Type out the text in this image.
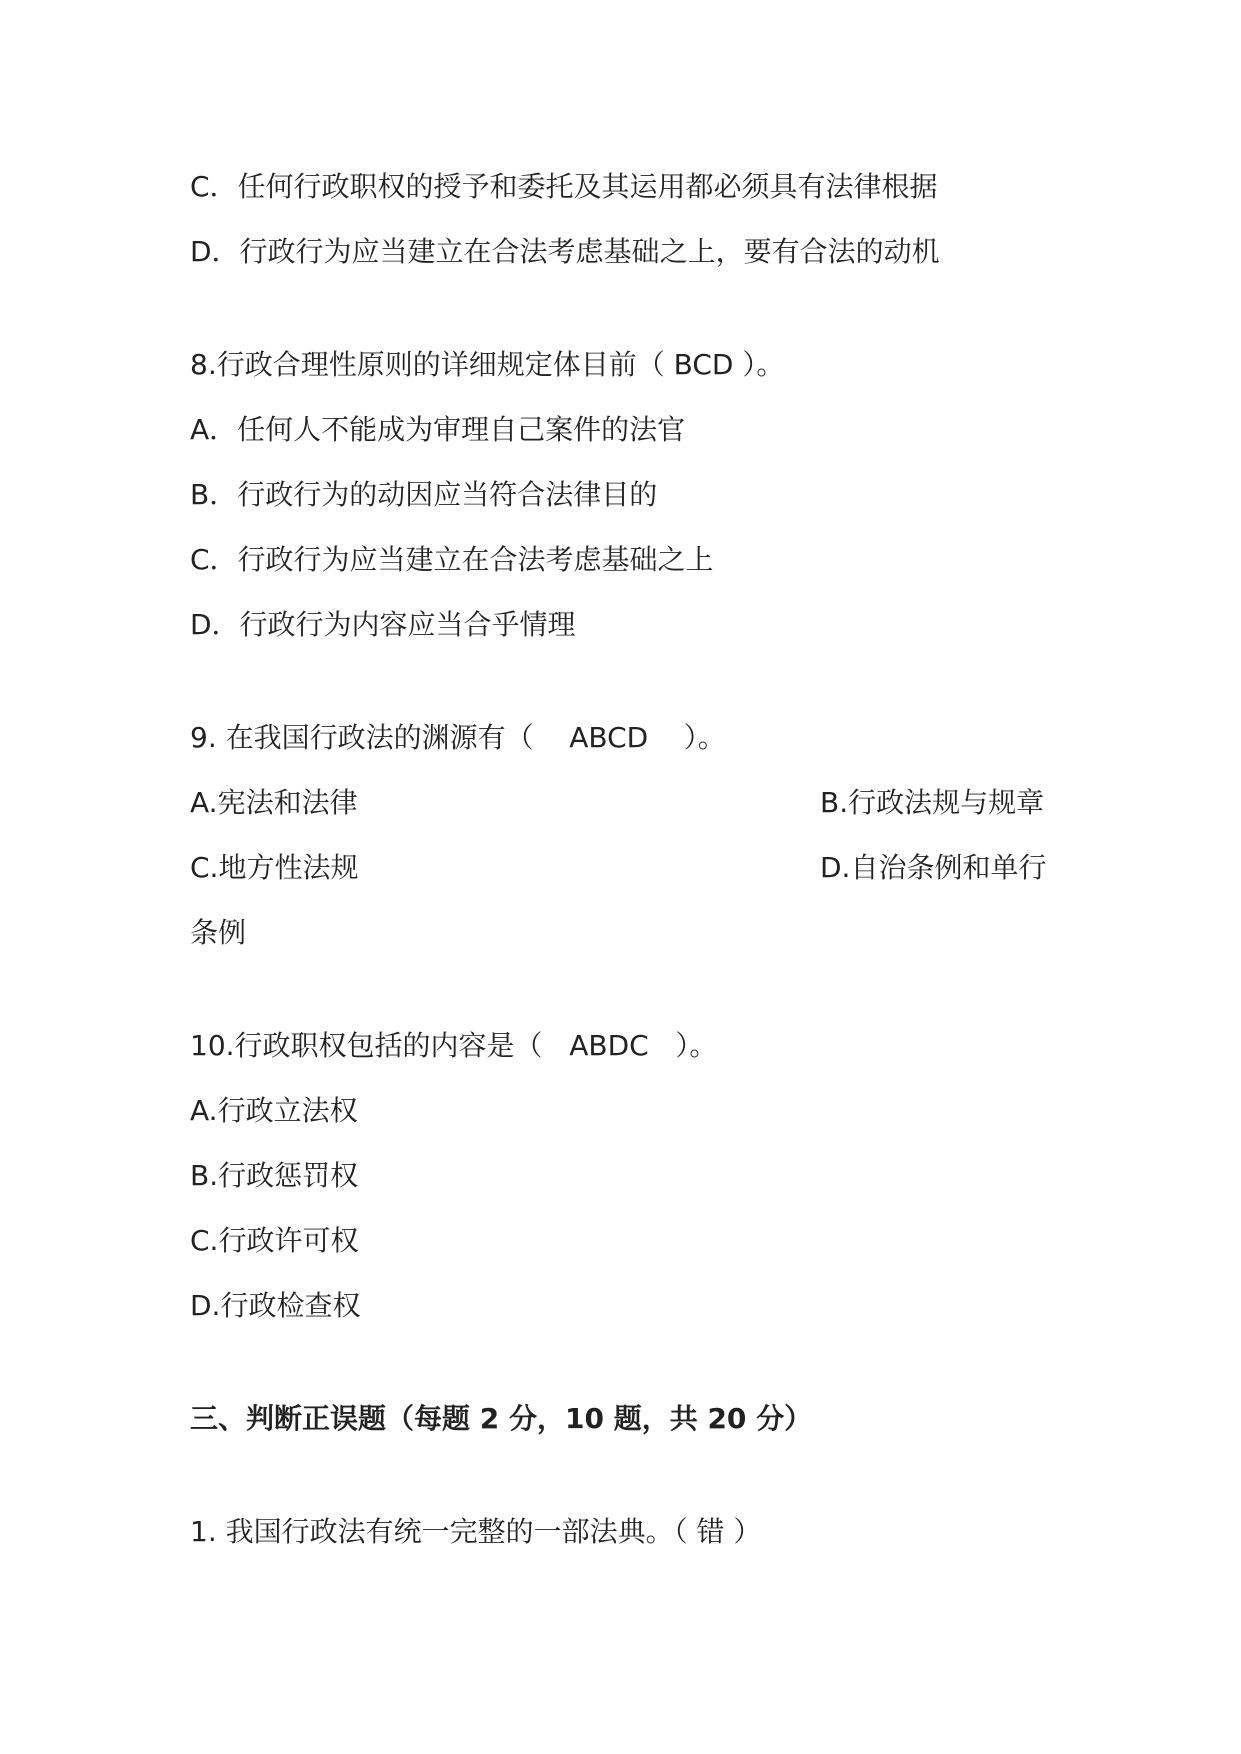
C．任何行政职权的授予和委托及其运用都必须具有法律根据
D．行政行为应当建立在合法考虑基础之上，要有合法的动机
8.行政合理性原则的详细规定体目前（ BCD ）。
A．任何人不能成为审理自己案件的法官
B．行政行为的动因应当符合法律目的
C．行政行为应当建立在合法考虑基础之上
D．行政行为内容应当合乎情理
9. 在我国行政法的渊源有（    ABCD    ）。
A.宪法和法律	B.行政法规与规章
C.地方性法规	D.自治条例和单行
条例
10.行政职权包括的内容是（   ABDC   ）。
A.行政立法权
B.行政惩罚权
C.行政许可权
D.行政检查权
三、判断正误题（每题 2 分，10 题，共 20 分）
1. 我国行政法有统一完整的一部法典。（ 错 ）
